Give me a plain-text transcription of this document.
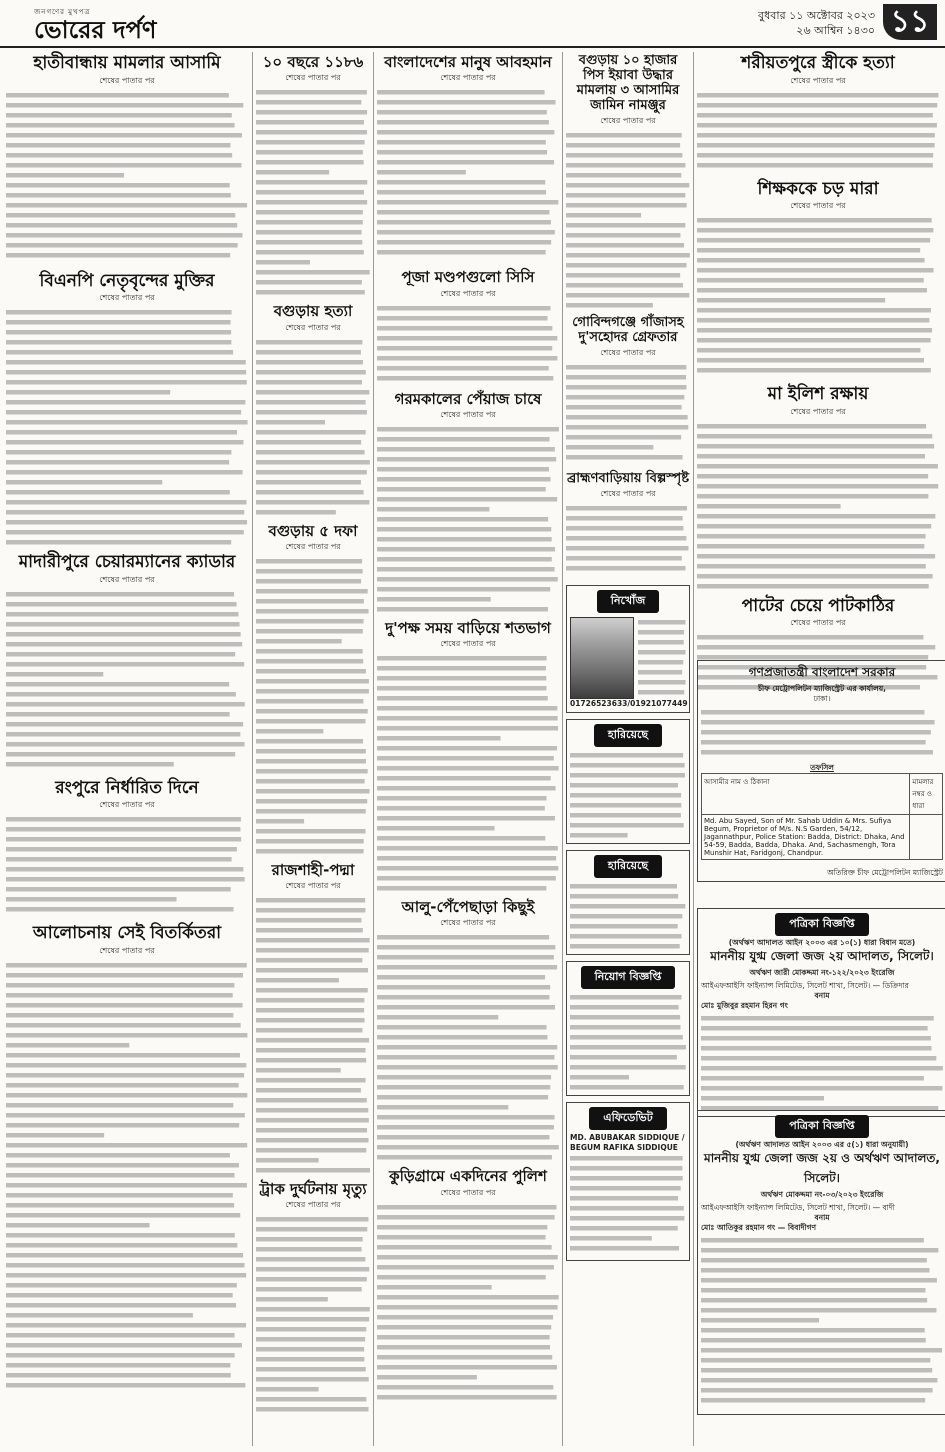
জনগণের মুখপত্র
ভোরের দর্পণ
বুধবার ১১ অক্টোবর ২০২৩
২৬ আশ্বিন ১৪৩০ ১১
হাতীবান্ধায় মামলার আসামি
শেষের পাতার পর
বিএনপি নেতৃবৃন্দের মুক্তির
শেষের পাতার পর
মাদারীপুরে চেয়ারম্যানের ক্যাডার
শেষের পাতার পর
রংপুরে নির্ধারিত দিনে
শেষের পাতার পর
আলোচনায় সেই বিতর্কিতরা
শেষের পাতার পর
১০ বছরে ১১৮৬
শেষের পাতার পর
বগুড়ায় হত্যা
শেষের পাতার পর
বগুড়ায় ৫ দফা
শেষের পাতার পর
রাজশাহী-পদ্মা
শেষের পাতার পর
ট্রাক দুর্ঘটনায় মৃত্যু
শেষের পাতার পর
বাংলাদেশের মানুষ আবহমান
শেষের পাতার পর
পূজা মণ্ডপগুলো সিসি
শেষের পাতার পর
গরমকালের পেঁয়াজ চাষে
শেষের পাতার পর
দু'পক্ষ সময় বাড়িয়ে শতভাগ
শেষের পাতার পর
আলু-পেঁপেছাড়া কিছুই
শেষের পাতার পর
কুড়িগ্রামে একদিনের পুলিশ
শেষের পাতার পর
বগুড়ায় ১০ হাজার পিস ইয়াবা উদ্ধার মামলায় ৩ আসামির জামিন নামঞ্জুর
শেষের পাতার পর
গোবিন্দগঞ্জে গাঁজাসহ দু'সহোদর গ্রেফতার
শেষের পাতার পর
ব্রাহ্মণবাড়িয়ায় বিল্পস্পৃষ্ট
শেষের পাতার পর
নিখোঁজ
01726523633/01921077449
হারিয়েছে
হারিয়েছে
নিয়োগ বিজ্ঞপ্তি
এফিডেভিট
MD. ABUBAKAR SIDDIQUE / BEGUM RAFIKA SIDDIQUE
শরীয়তপুরে স্ত্রীকে হত্যা
শেষের পাতার পর
শিক্ষককে চড় মারা
শেষের পাতার পর
মা ইলিশ রক্ষায়
শেষের পাতার পর
পাটের চেয়ে পাটকাঠির
শেষের পাতার পর
গণপ্রজাতন্ত্রী বাংলাদেশ সরকার
চীফ মেট্রোপলিটন ম্যাজিস্ট্রেট এর কার্যালয়,
ঢাকা।
তফসিল
আসামীর নাম ও ঠিকানা	মামলার নম্বর ও ধারা
Md. Abu Sayed, Son of Mr. Sahab Uddin & Mrs. Sufiya Begum, Proprietor of M/s. N.S Garden, 54/12, Jagannathpur, Police Station: Badda, District: Dhaka, And 54-59, Badda, Badda, Dhaka. And, Sachasmengh, Tora Munshir Hat, Faridgonj, Chandpur.	
অতিরিক্ত চীফ মেট্রোপলিটন ম্যাজিস্ট্রেট
পত্রিকা বিজ্ঞপ্তি
(অর্থঋণ আদালত আইন ২০০৩ এর ১০(১) ধারা বিধান মতে)
মাননীয় যুগ্ম জেলা জজ ২য় আদালত, সিলেট।
অর্থঋণ জারী মোকদ্দমা নং-১২২/২০২৩ ইংরেজি
আইএফআইসি ফাইন্যান্স লিমিটেড, সিলেট শাখা, সিলেট। — ডিক্রিদার
বনাম
মোঃ মুজিবুর রহমান হিরন গং
পত্রিকা বিজ্ঞপ্তি
(অর্থঋণ আদালত আইন ২০০৩ এর ৫(১) ধারা অনুযায়ী)
মাননীয় যুগ্ম জেলা জজ ২য় ও অর্থঋণ আদালত, সিলেট।
অর্থঋণ মোকদ্দমা নং-০৩/২০২৩ ইংরেজি
আইএফআইসি ফাইন্যান্স লিমিটেড, সিলেট শাখা, সিলেট। — বাদী
বনাম
মোঃ আতিকুর রহমান গং — বিবাদীগণ
